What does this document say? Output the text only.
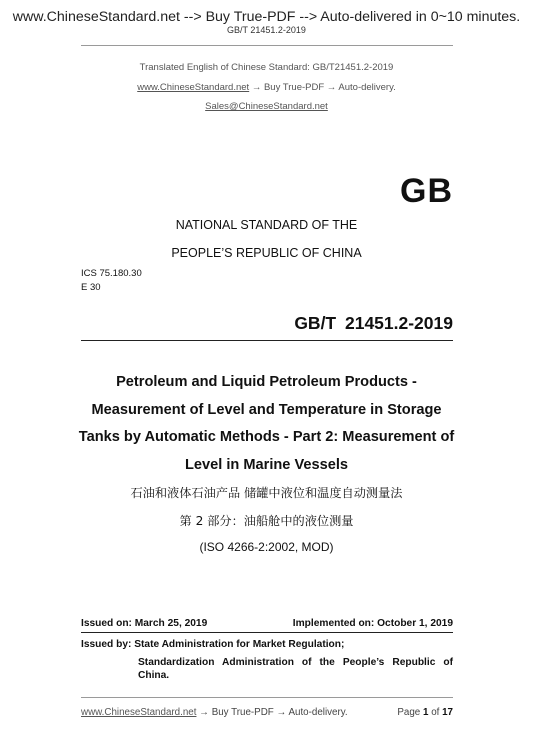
www.ChineseStandard.net --> Buy True-PDF --> Auto-delivered in 0~10 minutes.
GB/T 21451.2-2019
Translated English of Chinese Standard: GB/T21451.2-2019
www.ChineseStandard.net → Buy True-PDF → Auto-delivery.
Sales@ChineseStandard.net
GB
NATIONAL STANDARD OF THE
PEOPLE’S REPUBLIC OF CHINA
ICS 75.180.30
E 30
GB/T 21451.2-2019
Petroleum and Liquid Petroleum Products -
Measurement of Level and Temperature in Storage
Tanks by Automatic Methods - Part 2: Measurement of
Level in Marine Vessels
石油和液体石油产品 储罐中液位和温度自动测量法
第 2 部分：油船舱中的液位测量
(ISO 4266-2:2002, MOD)
Issued on: March 25, 2019	Implemented on: October 1, 2019
Issued by: State Administration for Market Regulation;
Standardization Administration of the People’s Republic of China.
www.ChineseStandard.net → Buy True-PDF → Auto-delivery.	Page 1 of 17
